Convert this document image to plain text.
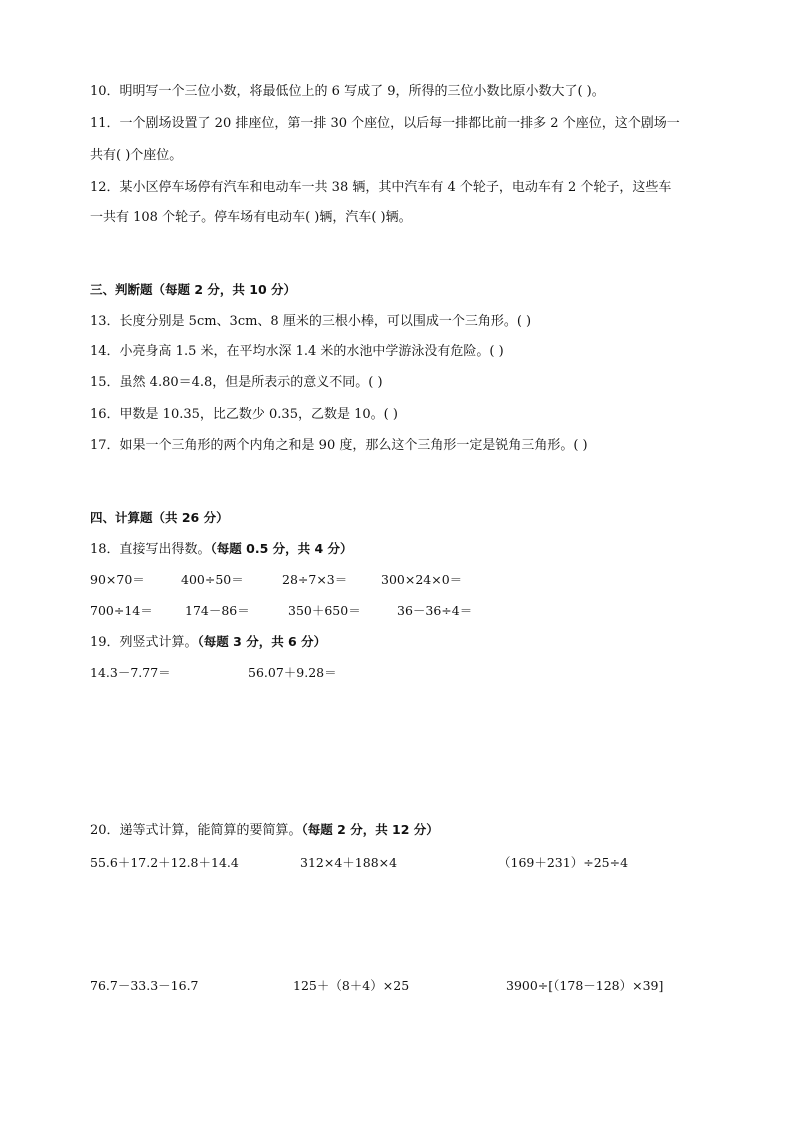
10．明明写一个三位小数，将最低位上的 6 写成了 9，所得的三位小数比原小数大了( )。
11．一个剧场设置了 20 排座位，第一排 30 个座位，以后每一排都比前一排多 2 个座位，这个剧场一
共有( )个座位。
12．某小区停车场停有汽车和电动车一共 38 辆，其中汽车有 4 个轮子，电动车有 2 个轮子，这些车
一共有 108 个轮子。停车场有电动车( )辆，汽车( )辆。
三、判断题（每题 2 分，共 10 分）
13．长度分别是 5cm、3cm、8 厘米的三根小棒，可以围成一个三角形。( )
14．小亮身高 1.5 米，在平均水深 1.4 米的水池中学游泳没有危险。( )
15．虽然 4.80＝4.8，但是所表示的意义不同。( )
16．甲数是 10.35，比乙数少 0.35，乙数是 10。( )
17．如果一个三角形的两个内角之和是 90 度，那么这个三角形一定是锐角三角形。( )
四、计算题（共 26 分）
18．直接写出得数。（每题 0.5 分，共 4 分）
90×70＝	400÷50＝	28÷7×3＝	300×24×0＝
700÷14＝	174－86＝	350＋650＝	36－36÷4＝
19．列竖式计算。（每题 3 分，共 6 分）
14.3－7.77＝	56.07＋9.28＝
20．递等式计算，能简算的要简算。（每题 2 分，共 12 分）
55.6＋17.2＋12.8＋14.4	312×4＋188×4	（169＋231）÷25÷4
76.7－33.3－16.7	125＋（8＋4）×25	3900÷[（178－128）×39]
